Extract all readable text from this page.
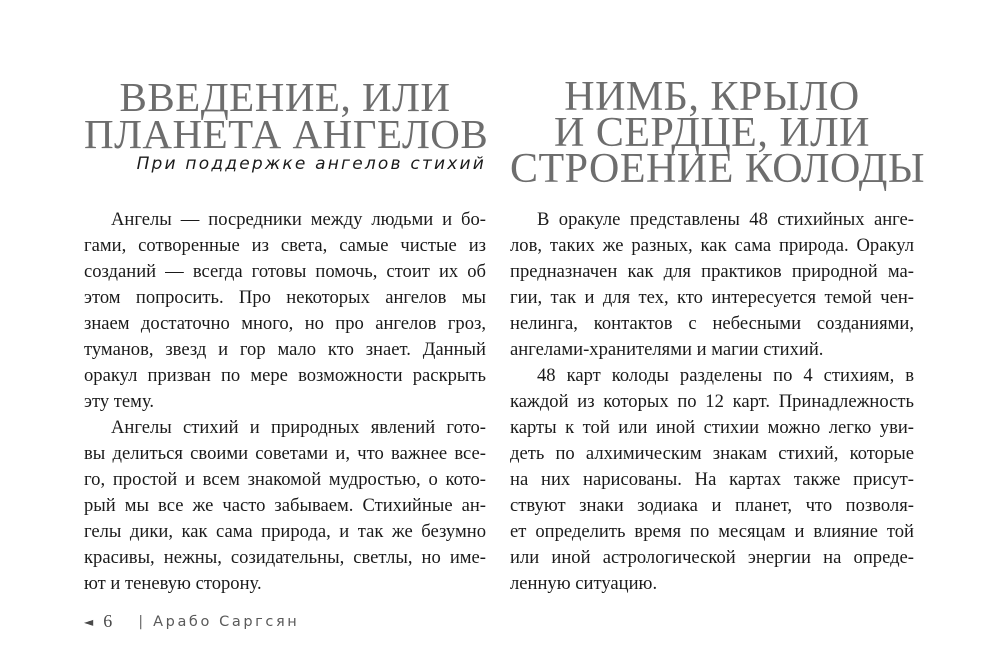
ВВЕДЕНИЕ, ИЛИ
ПЛАНЕТА АНГЕЛОВ
При поддержке ангелов стихий
Ангелы — посредники между людьми и бо-
гами, сотворенные из света, самые чистые из
созданий — всегда готовы помочь, стоит их об
этом попросить. Про некоторых ангелов мы
знаем достаточно много, но про ангелов гроз,
туманов, звезд и гор мало кто знает. Данный
оракул призван по мере возможности раскрыть
эту тему.
Ангелы стихий и природных явлений гото-
вы делиться своими советами и, что важнее все-
го, простой и всем знакомой мудростью, о кото-
рый мы все же часто забываем. Стихийные ан-
гелы дики, как сама природа, и так же безумно
красивы, нежны, созидательны, светлы, но име-
ют и теневую сторону.
НИМБ, КРЫЛО
И СЕРДЦЕ, ИЛИ
СТРОЕНИЕ КОЛОДЫ
В оракуле представлены 48 стихийных анге-
лов, таких же разных, как сама природа. Оракул
предназначен как для практиков природной ма-
гии, так и для тех, кто интересуется темой чен-
нелинга, контактов с небесными созданиями,
ангелами-хранителями и магии стихий.
48 карт колоды разделены по 4 стихиям, в
каждой из которых по 12 карт. Принадлежность
карты к той или иной стихии можно легко уви-
деть по алхимическим знакам стихий, которые
на них нарисованы. На картах также присут-
ствуют знаки зодиака и планет, что позволя-
ет определить время по месяцам и влияние той
или иной астрологической энергии на опреде-
ленную ситуацию.
◄ 6 | Арабо Саргсян
